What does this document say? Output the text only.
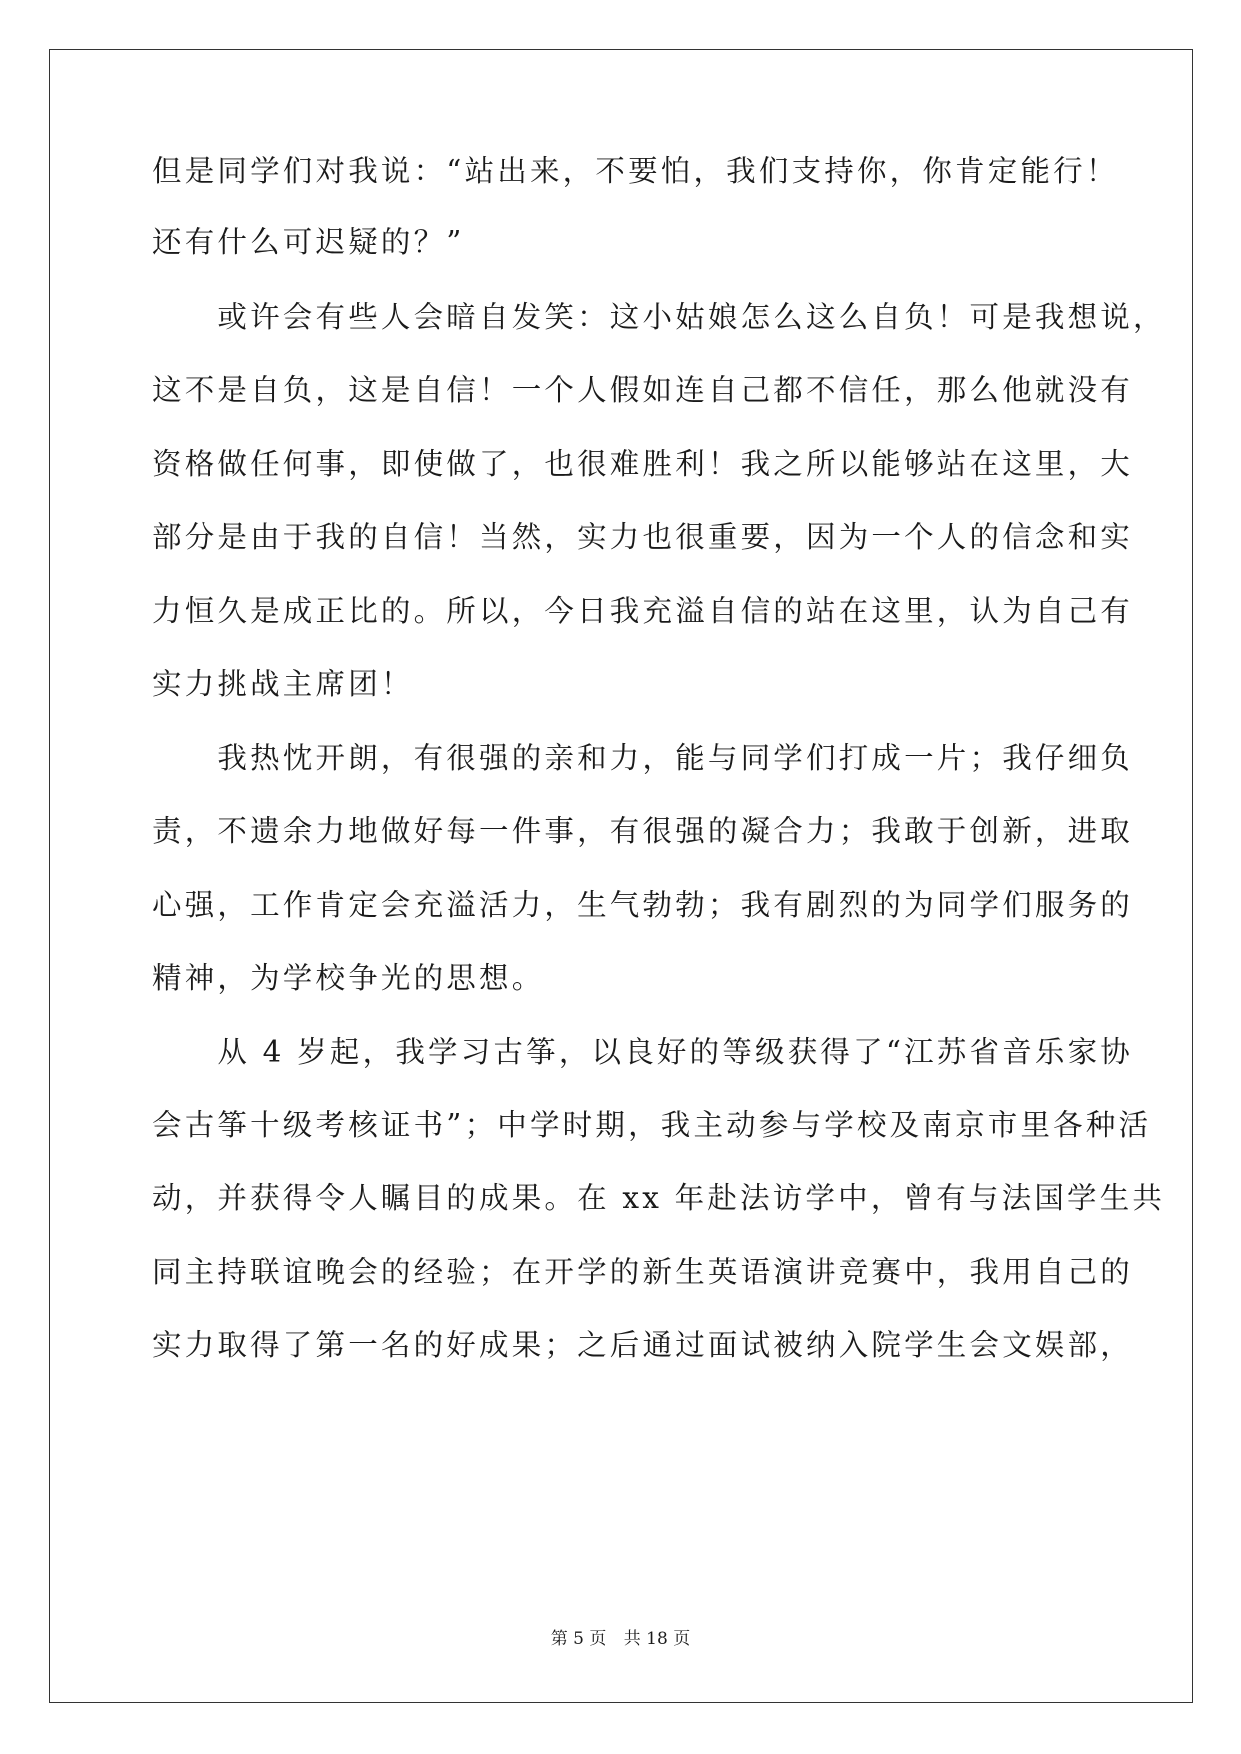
但是同学们对我说：“站出来，不要怕，我们支持你，你肯定能行！
还有什么可迟疑的？”
　　或许会有些人会暗自发笑：这小姑娘怎么这么自负！可是我想说，
这不是自负，这是自信！一个人假如连自己都不信任，那么他就没有
资格做任何事，即使做了，也很难胜利！我之所以能够站在这里，大
部分是由于我的自信！当然，实力也很重要，因为一个人的信念和实
力恒久是成正比的。所以，今日我充溢自信的站在这里，认为自己有
实力挑战主席团！
　　我热忱开朗，有很强的亲和力，能与同学们打成一片；我仔细负
责，不遗余力地做好每一件事，有很强的凝合力；我敢于创新，进取
心强，工作肯定会充溢活力，生气勃勃；我有剧烈的为同学们服务的
精神，为学校争光的思想。
　　从 4 岁起，我学习古筝，以良好的等级获得了“江苏省音乐家协
会古筝十级考核证书”；中学时期，我主动参与学校及南京市里各种活
动，并获得令人瞩目的成果。在 xx 年赴法访学中，曾有与法国学生共
同主持联谊晚会的经验；在开学的新生英语演讲竞赛中，我用自己的
实力取得了第一名的好成果；之后通过面试被纳入院学生会文娱部，
第 5 页 共 18 页
